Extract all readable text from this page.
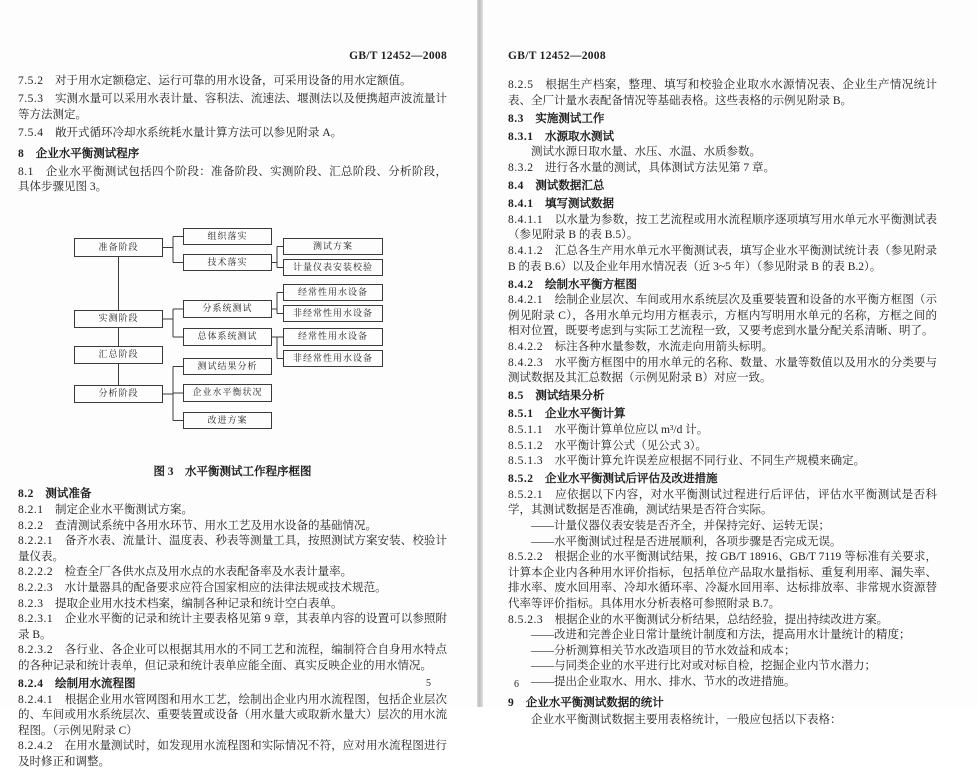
GB/T 12452—2008
7.5.2 对于用水定额稳定、运行可靠的用水设备，可采用设备的用水定额值。
7.5.3 实测水量可以采用水表计量、容积法、流速法、堰测法以及便携超声波流量计等方法测定。
7.5.4 敞开式循环冷却水系统耗水量计算方法可以参见附录 A。
8 企业水平衡测试程序
8.1 企业水平衡测试包括四个阶段：准备阶段、实测阶段、汇总阶段、分析阶段，具体步骤见图 3。
准备阶段
实测阶段
汇总阶段
分析阶段
组织落实
技术落实
分系统测试
总体系统测试
测试结果分析
企业水平衡状况
改进方案
测试方案
计量仪表安装校验
经常性用水设备
非经常性用水设备
经常性用水设备
非经常性用水设备
图 3　水平衡测试工作程序框图
8.2 测试准备
8.2.1 制定企业水平衡测试方案。
8.2.2 查清测试系统中各用水环节、用水工艺及用水设备的基础情况。
8.2.2.1 备齐水表、流量计、温度表、秒表等测量工具，按照测试方案安装、校验计量仪表。
8.2.2.2 检查全厂各供水点及用水点的水表配备率及水表计量率。
8.2.2.3 水计量器具的配备要求应符合国家相应的法律法规或技术规范。
8.2.3 提取企业用水技术档案，编制各种记录和统计空白表单。
8.2.3.1 企业水平衡的记录和统计主要表格见第 9 章，其表单内容的设置可以参照附录 B。
8.2.3.2 各行业、各企业可以根据其用水的不同工艺和流程，编制符合自身用水特点的各种记录和统计表单，但记录和统计表单应能全面、真实反映企业的用水情况。
8.2.4 绘制用水流程图
8.2.4.1 根据企业用水管网图和用水工艺，绘制出企业内用水流程图，包括企业层次的、车间或用水系统层次、重要装置或设备（用水量大或取新水量大）层次的用水流程图。（示例见附录 C）
8.2.4.2 在用水量测试时，如发现用水流程图和实际情况不符，应对用水流程图进行及时修正和调整。
5
GB/T 12452—2008
8.2.5 根据生产档案，整理、填写和校验企业取水水源情况表、企业生产情况统计表、全厂计量水表配备情况等基础表格。这些表格的示例见附录 B。
8.3 实施测试工作
8.3.1 水源取水测试
测试水源日取水量、水压、水温、水质参数。
8.3.2 进行各水量的测试，具体测试方法见第 7 章。
8.4 测试数据汇总
8.4.1 填写测试数据
8.4.1.1 以水量为参数，按工艺流程或用水流程顺序逐项填写用水单元水平衡测试表（参见附录 B 的表 B.5）。
8.4.1.2 汇总各生产用水单元水平衡测试表，填写企业水平衡测试统计表（参见附录 B 的表 B.6）以及企业年用水情况表（近 3~5 年）（参见附录 B 的表 B.2）。
8.4.2 绘制水平衡方框图
8.4.2.1 绘制企业层次、车间或用水系统层次及重要装置和设备的水平衡方框图（示例见附录 C），各用水单元均用方框表示，方框内写明用水单元的名称，方框之间的相对位置，既要考虑到与实际工艺流程一致，又要考虑到水量分配关系清晰、明了。
8.4.2.2 标注各种水量参数，水流走向用箭头标明。
8.4.2.3 水平衡方框图中的用水单元的名称、数量、水量等数值以及用水的分类要与测试数据及其汇总数据（示例见附录 B）对应一致。
8.5 测试结果分析
8.5.1 企业水平衡计算
8.5.1.1 水平衡计算单位应以 m³/d 计。
8.5.1.2 水平衡计算公式（见公式 3）。
8.5.1.3 水平衡计算允许误差应根据不同行业、不同生产规模来确定。
8.5.2 企业水平衡测试后评估及改进措施
8.5.2.1 应依据以下内容，对水平衡测试过程进行后评估，评估水平衡测试是否科学，其测试数据是否准确，测试结果是否符合实际。
——计量仪器仪表安装是否齐全，并保持完好、运转无误；
——水平衡测试过程是否进展顺利，各项步骤是否完成无误。
8.5.2.2 根据企业的水平衡测试结果，按 GB/T 18916、GB/T 7119 等标准有关要求，计算本企业内各种用水评价指标，包括单位产品取水量指标、重复利用率、漏失率、排水率、废水回用率、冷却水循环率、冷凝水回用率、达标排放率、非常规水资源替代率等评价指标。具体用水分析表格可参照附录 B.7。
8.5.2.3 根据企业的水平衡测试分析结果，总结经验，提出持续改进方案。
——改进和完善企业日常计量统计制度和方法，提高用水计量统计的精度；
——分析测算相关节水改造项目的节水效益和成本；
——与同类企业的水平进行比对或对标自检，挖掘企业内节水潜力；
——提出企业取水、用水、排水、节水的改进措施。
9 企业水平衡测试数据的统计
企业水平衡测试数据主要用表格统计，一般应包括以下表格：
6
